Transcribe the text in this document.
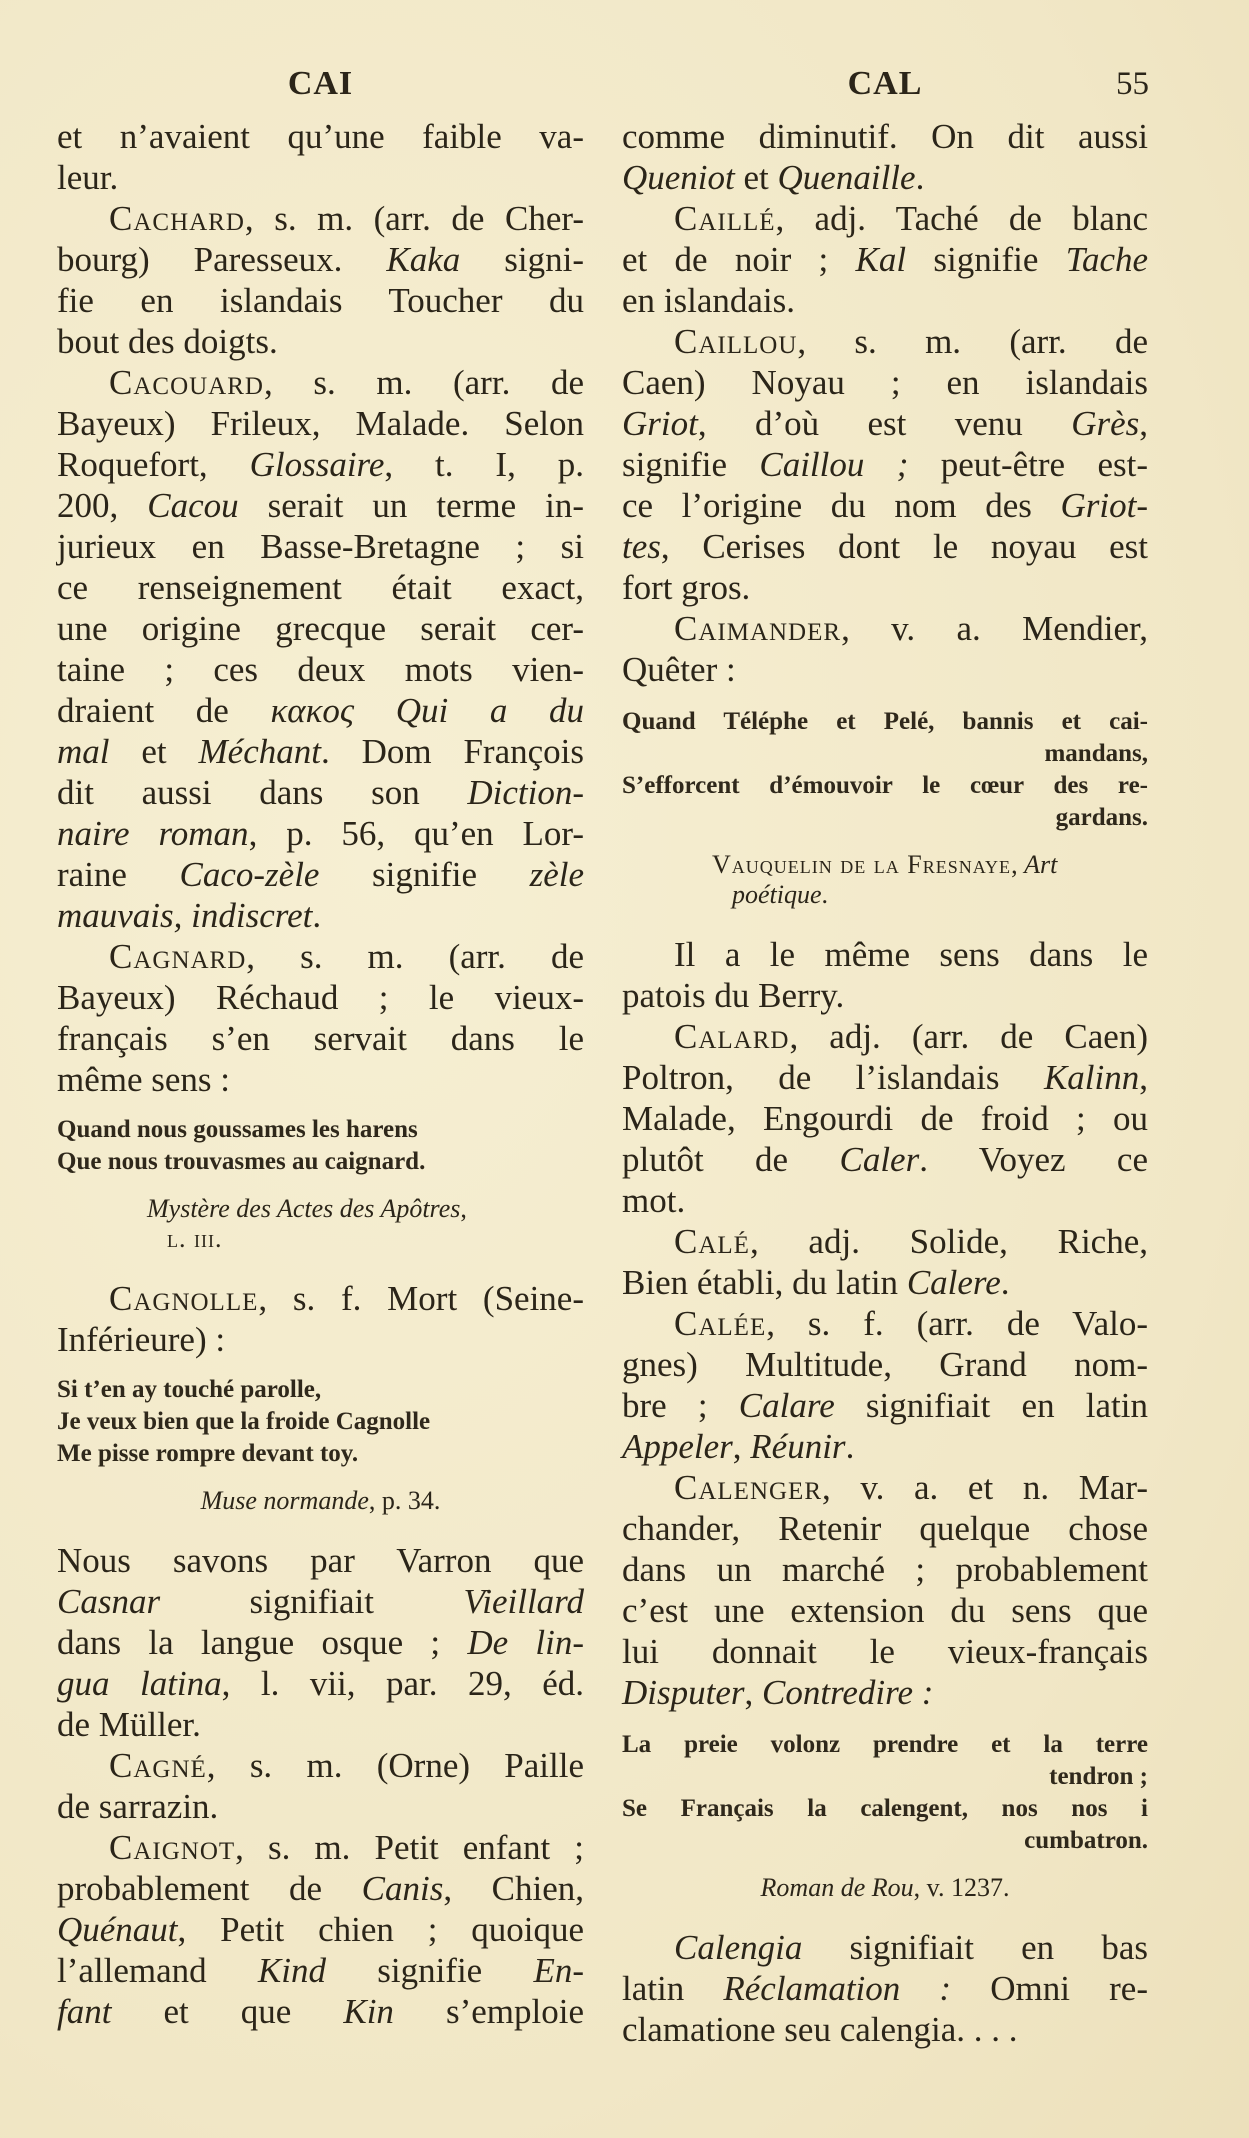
CAI	CAL	55
et n’avaient qu’une faible va-
leur.
Cachard, s. m. (arr. de Cher-
bourg) Paresseux. Kaka signi-
fie en islandais Toucher du
bout des doigts.
Cacouard, s. m. (arr. de
Bayeux) Frileux, Malade. Selon
Roquefort, Glossaire, t. I, p.
200, Cacou serait un terme in-
jurieux en Basse-Bretagne ; si
ce renseignement était exact,
une origine grecque serait cer-
taine ; ces deux mots vien-
draient de κακος Qui a du
mal et Méchant. Dom François
dit aussi dans son Diction-
naire roman, p. 56, qu’en Lor-
raine Caco-zèle signifie zèle
mauvais, indiscret.
Cagnard, s. m. (arr. de
Bayeux) Réchaud ; le vieux-
français s’en servait dans le
même sens :
Quand nous goussames les harens
Que nous trouvasmes au caignard.
Mystère des Actes des Apôtres,
l. iii.
Cagnolle, s. f. Mort (Seine-
Inférieure) :
Si t’en ay touché parolle,
Je veux bien que la froide Cagnolle
Me pisse rompre devant toy.
Muse normande, p. 34.
Nous savons par Varron que
Casnar signifiait Vieillard
dans la langue osque ; De lin-
gua latina, l. vii, par. 29, éd.
de Müller.
Cagné, s. m. (Orne) Paille
de sarrazin.
Caignot, s. m. Petit enfant ;
probablement de Canis, Chien,
Quénaut, Petit chien ; quoique
l’allemand Kind signifie En-
fant et que Kin s’emploie
comme diminutif. On dit aussi
Queniot et Quenaille.
Caillé, adj. Taché de blanc
et de noir ; Kal signifie Tache
en islandais.
Caillou, s. m. (arr. de
Caen) Noyau ; en islandais
Griot, d’où est venu Grès,
signifie Caillou ; peut-être est-
ce l’origine du nom des Griot-
tes, Cerises dont le noyau est
fort gros.
Caimander, v. a. Mendier,
Quêter :
Quand Téléphe et Pelé, bannis et cai-
mandans,
S’efforcent d’émouvoir le cœur des re-
gardans.
Vauquelin de la Fresnaye, Art
poétique.
Il a le même sens dans le
patois du Berry.
Calard, adj. (arr. de Caen)
Poltron, de l’islandais Kalinn,
Malade, Engourdi de froid ; ou
plutôt de Caler. Voyez ce
mot.
Calé, adj. Solide, Riche,
Bien établi, du latin Calere.
Calée, s. f. (arr. de Valo-
gnes) Multitude, Grand nom-
bre ; Calare signifiait en latin
Appeler, Réunir.
Calenger, v. a. et n. Mar-
chander, Retenir quelque chose
dans un marché ; probablement
c’est une extension du sens que
lui donnait le vieux-français
Disputer, Contredire :
La preie volonz prendre et la terre
tendron ;
Se Français la calengent, nos nos i
cumbatron.
Roman de Rou, v. 1237.
Calengia signifiait en bas
latin Réclamation : Omni re-
clamatione seu calengia. . . .
